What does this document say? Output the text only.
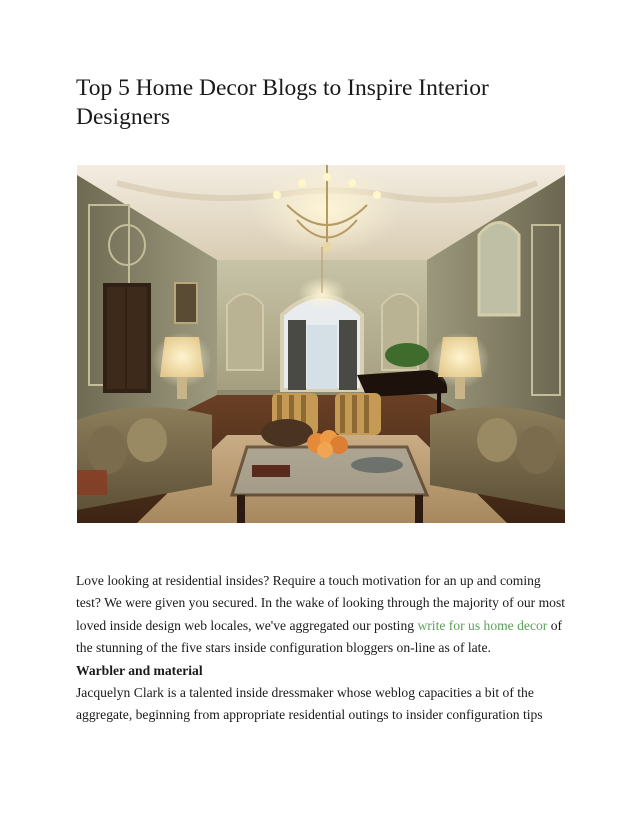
Top 5 Home Decor Blogs to Inspire Interior Designers

Love looking at residential insides? Require a touch motivation for an up and coming test? We were given you secured. In the wake of looking through the majority of our most loved inside design web locales, we've aggregated our posting write for us home decor of the stunning of the five stars inside configuration bloggers on-line as of late.

Warbler and material

Jacquelyn Clark is a talented inside dressmaker whose weblog capacities a bit of the aggregate, beginning from appropriate residential outings to insider configuration tips
